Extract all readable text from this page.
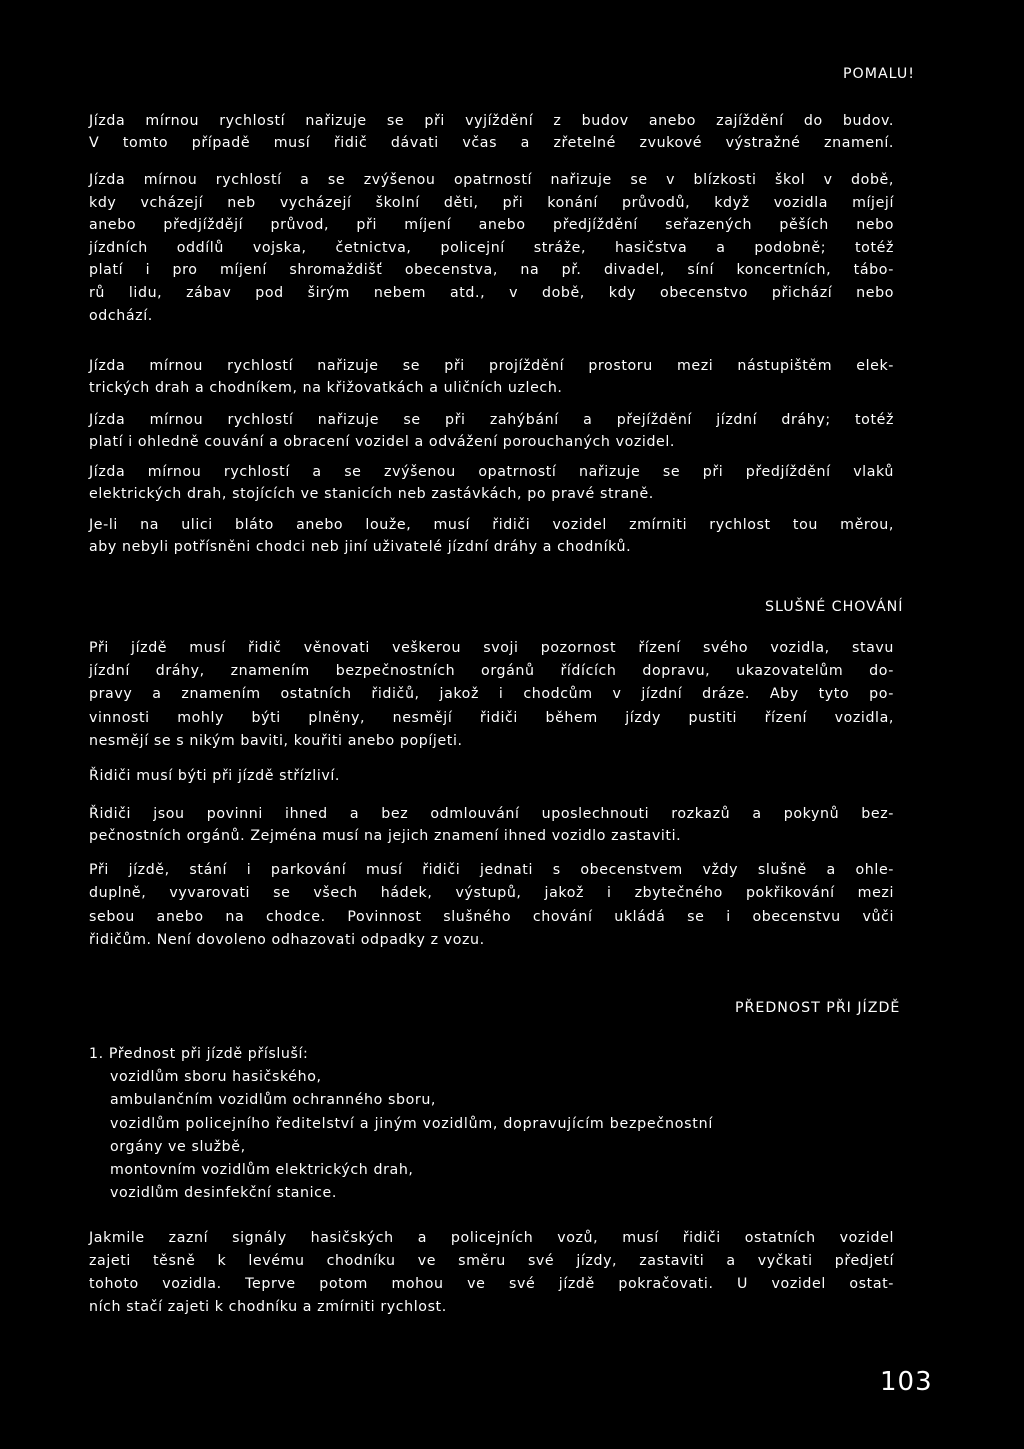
POMALU!
Jízda mírnou rychlostí nařizuje se při vyjíždění z budov anebo zajíždění do budov.
V tomto případě musí řidič dávati včas a zřetelné zvukové výstražné znamení.
Jízda mírnou rychlostí a se zvýšenou opatrností nařizuje se v blízkosti škol v době,
kdy vcházejí neb vycházejí školní děti, při konání průvodů, když vozidla míjejí
anebo předjíždějí průvod, při míjení anebo předjíždění seřazených pěších nebo
jízdních oddílů vojska, četnictva, policejní stráže, hasičstva a podobně; totéž
platí i pro míjení shromaždišť obecenstva, na př. divadel, síní koncertních, tábo-
rů lidu, zábav pod širým nebem atd., v době, kdy obecenstvo přichází nebo
odchází.
Jízda mírnou rychlostí nařizuje se při projíždění prostoru mezi nástupištěm elek-
trických drah a chodníkem, na křižovatkách a uličních uzlech.
Jízda mírnou rychlostí nařizuje se při zahýbání a přejíždění jízdní dráhy; totéž
platí i ohledně couvání a obracení vozidel a odvážení porouchaných vozidel.
Jízda mírnou rychlostí a se zvýšenou opatrností nařizuje se při předjíždění vlaků
elektrických drah, stojících ve stanicích neb zastávkách, po pravé straně.
Je-li na ulici bláto anebo louže, musí řidiči vozidel zmírniti rychlost tou měrou,
aby nebyli potřísněni chodci neb jiní uživatelé jízdní dráhy a chodníků.
SLUŠNÉ CHOVÁNÍ
Při jízdě musí řidič věnovati veškerou svoji pozornost řízení svého vozidla, stavu
jízdní dráhy, znamením bezpečnostních orgánů řídících dopravu, ukazovatelům do-
pravy a znamením ostatních řidičů, jakož i chodcům v jízdní dráze. Aby tyto po-
vinnosti mohly býti plněny, nesmějí řidiči během jízdy pustiti řízení vozidla,
nesmějí se s nikým baviti, kouřiti anebo popíjeti.
Řidiči musí býti při jízdě střízliví.
Řidiči jsou povinni ihned a bez odmlouvání uposlechnouti rozkazů a pokynů bez-
pečnostních orgánů. Zejména musí na jejich znamení ihned vozidlo zastaviti.
Při jízdě, stání i parkování musí řidiči jednati s obecenstvem vždy slušně a ohle-
duplně, vyvarovati se všech hádek, výstupů, jakož i zbytečného pokřikování mezi
sebou anebo na chodce. Povinnost slušného chování ukládá se i obecenstvu vůči
řidičům. Není dovoleno odhazovati odpadky z vozu.
PŘEDNOST PŘI JÍZDĚ
1. Přednost při jízdě přísluší:
vozidlům sboru hasičského,
ambulančním vozidlům ochranného sboru,
vozidlům policejního ředitelství a jiným vozidlům, dopravujícím bezpečnostní
orgány ve službě,
montovním vozidlům elektrických drah,
vozidlům desinfekční stanice.
Jakmile zazní signály hasičských a policejních vozů, musí řidiči ostatních vozidel
zajeti těsně k levému chodníku ve směru své jízdy, zastaviti a vyčkati předjetí
tohoto vozidla. Teprve potom mohou ve své jízdě pokračovati. U vozidel ostat-
ních stačí zajeti k chodníku a zmírniti rychlost.
103
